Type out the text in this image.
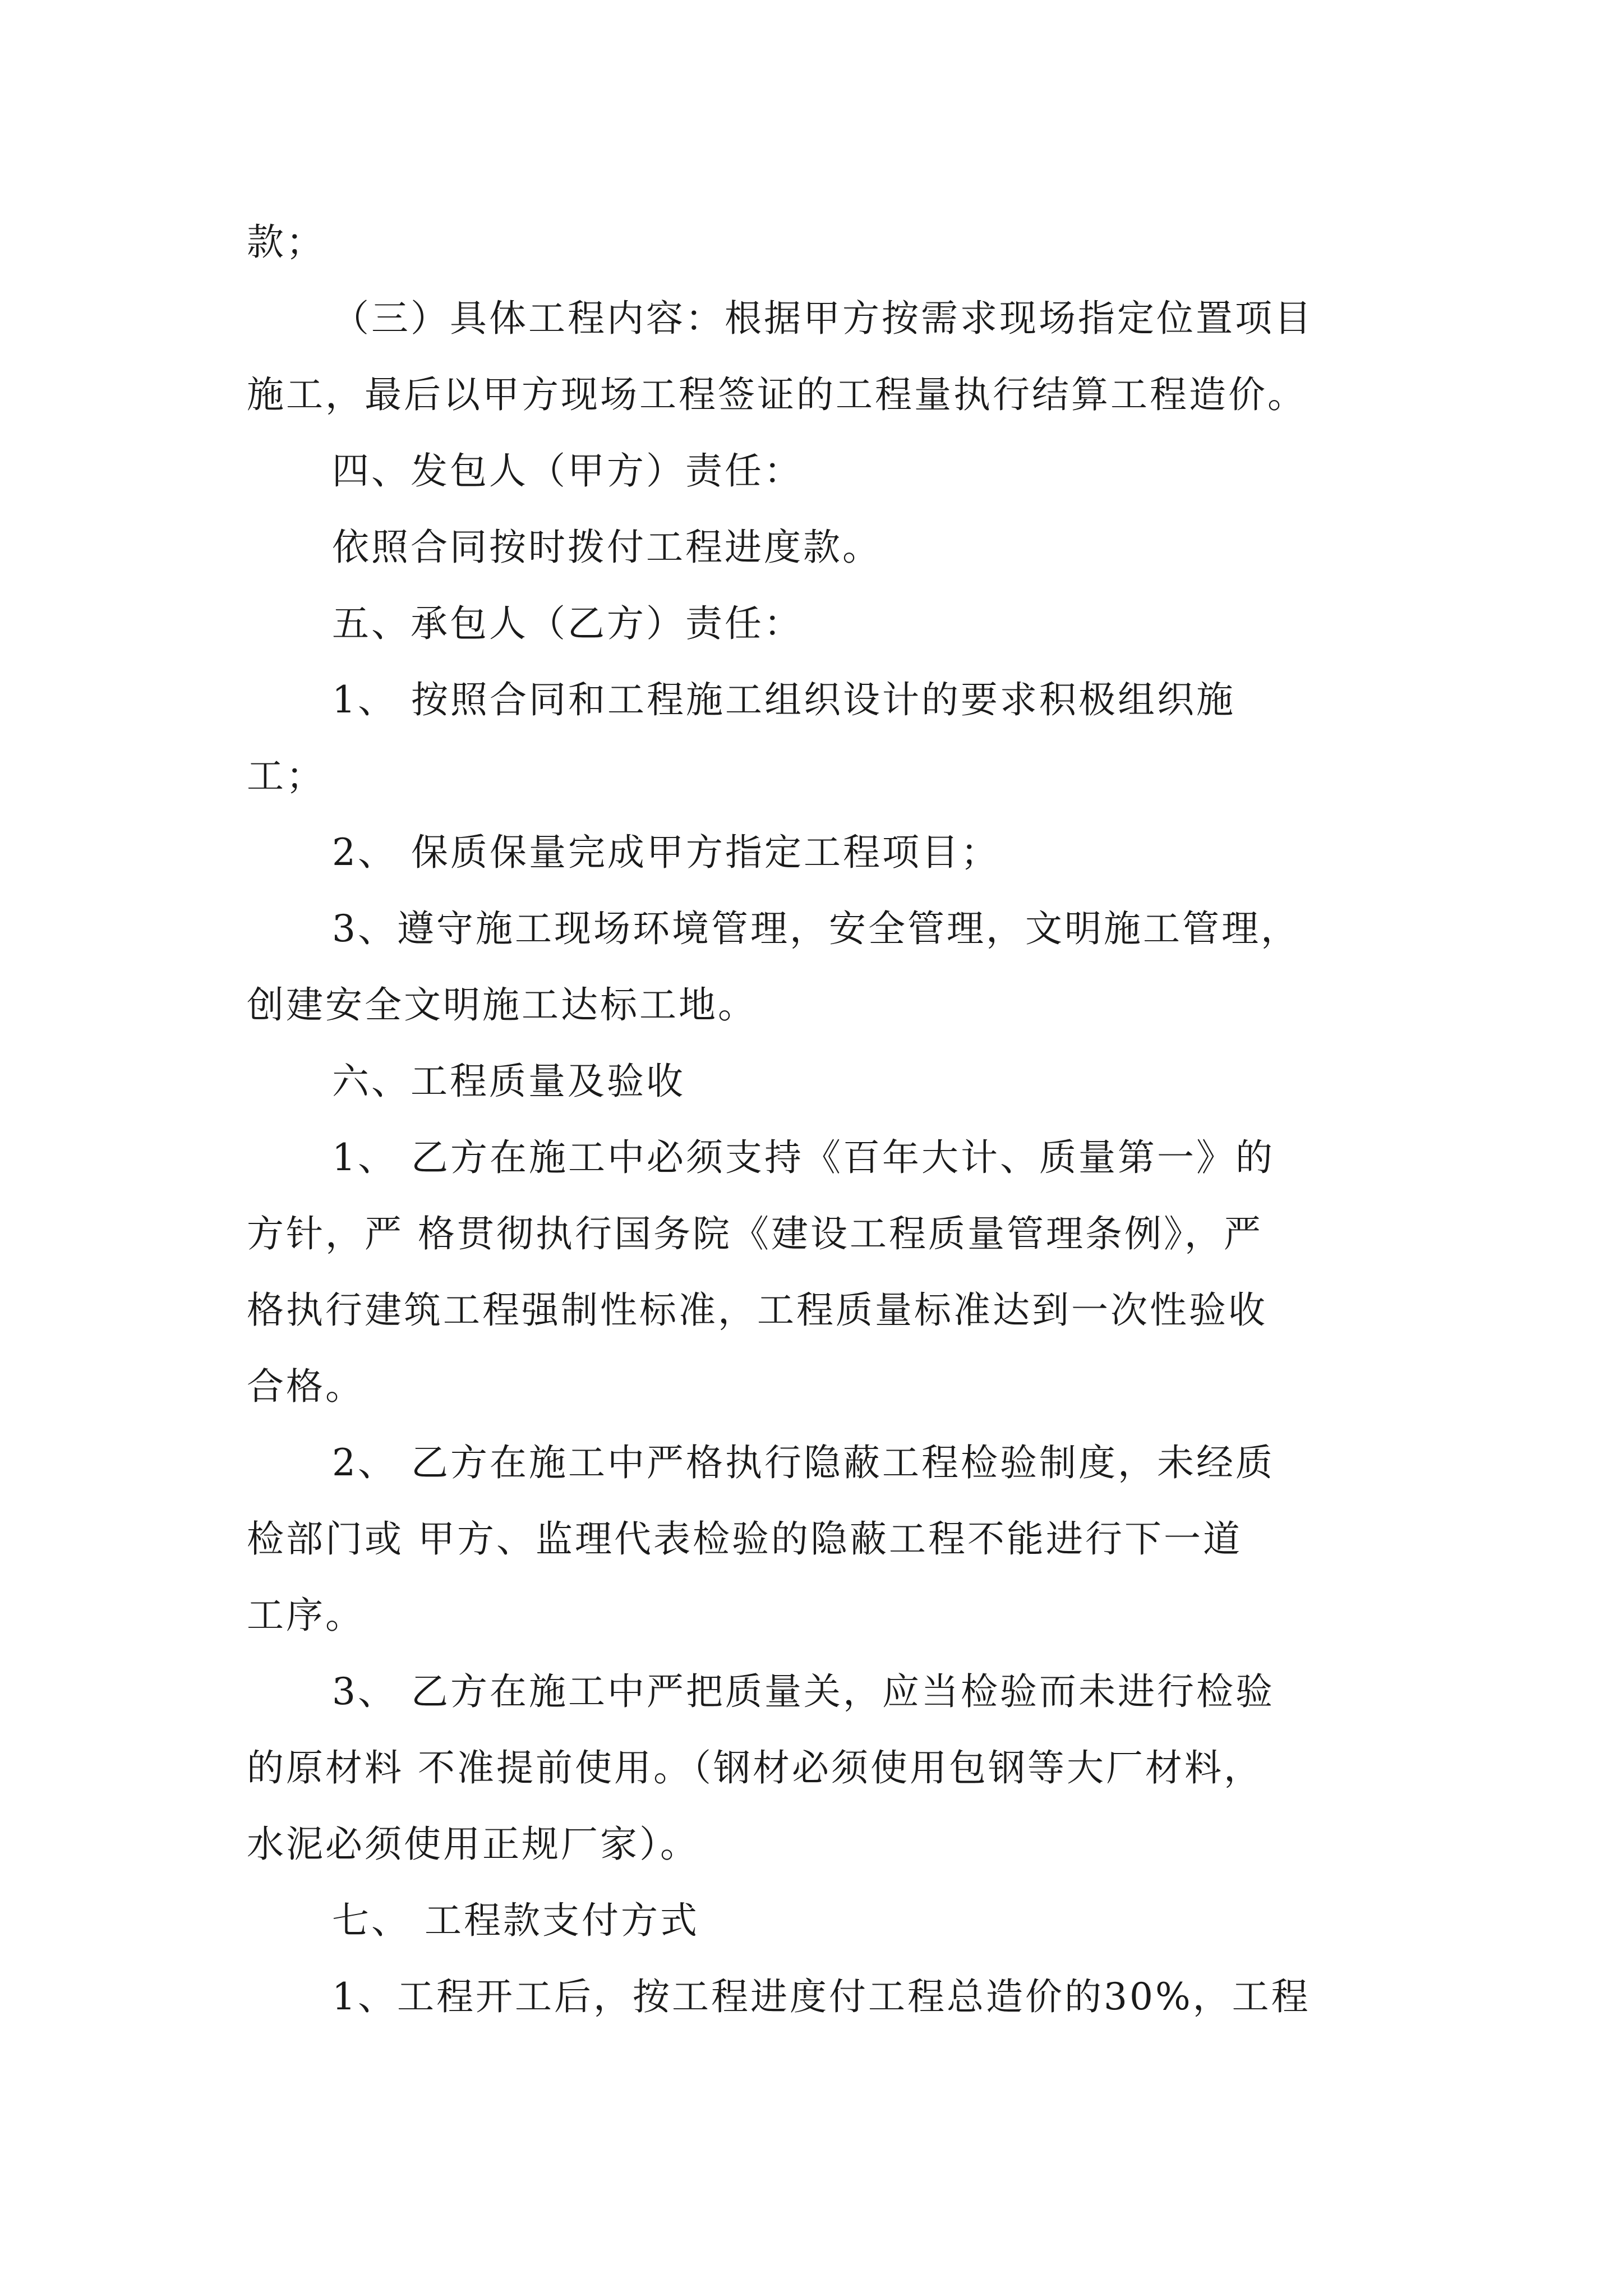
款；
（三）具体工程内容：根据甲方按需求现场指定位置项目
施工，最后以甲方现场工程签证的工程量执行结算工程造价。
四、发包人（甲方）责任：
依照合同按时拨付工程进度款。
五、承包人（乙方）责任：
1、 按照合同和工程施工组织设计的要求积极组织施
工；
2、 保质保量完成甲方指定工程项目；
3、遵守施工现场环境管理，安全管理，文明施工管理，
创建安全文明施工达标工地。
六、工程质量及验收
1、 乙方在施工中必须支持《百年大计、质量第一》的
方针，严 格贯彻执行国务院《建设工程质量管理条例》，严
格执行建筑工程强制性标准，工程质量标准达到一次性验收
合格。
2、 乙方在施工中严格执行隐蔽工程检验制度，未经质
检部门或 甲方、监理代表检验的隐蔽工程不能进行下一道
工序。
3、 乙方在施工中严把质量关，应当检验而未进行检验
的原材料 不准提前使用。（钢材必须使用包钢等大厂材料，
水泥必须使用正规厂家）。
七、 工程款支付方式
1、工程开工后，按工程进度付工程总造价的30%，工程
